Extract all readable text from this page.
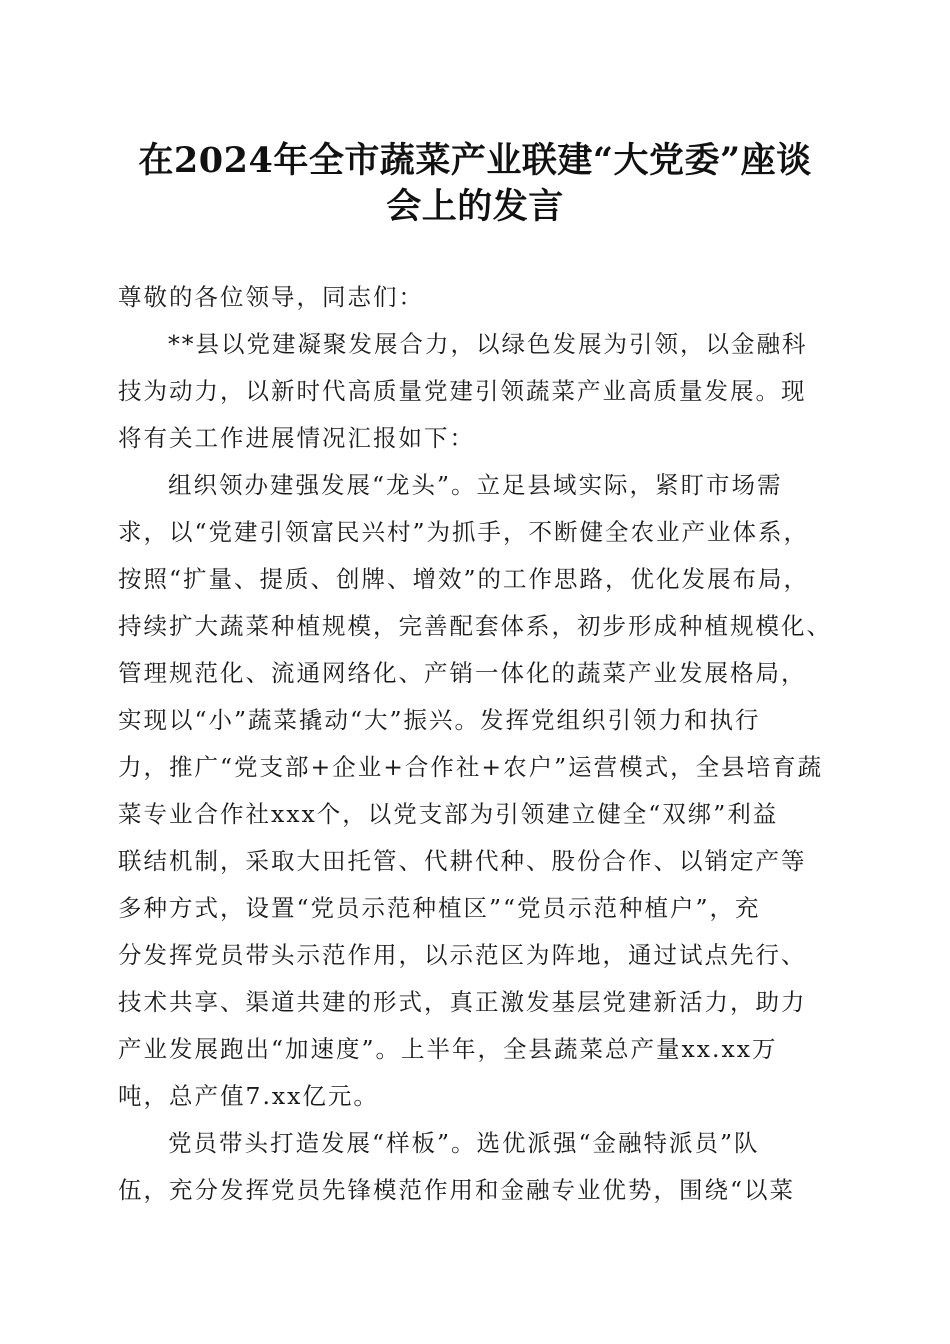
在2024年全市蔬菜产业联建“大党委”座谈
会上的发言
尊敬的各位领导，同志们：
**县以党建凝聚发展合力，以绿色发展为引领，以金融科
技为动力，以新时代高质量党建引领蔬菜产业高质量发展。现
将有关工作进展情况汇报如下：
组织领办建强发展“龙头”。立足县域实际，紧盯市场需
求，以“党建引领富民兴村”为抓手，不断健全农业产业体系，
按照“扩量、提质、创牌、增效”的工作思路，优化发展布局，
持续扩大蔬菜种植规模，完善配套体系，初步形成种植规模化、
管理规范化、流通网络化、产销一体化的蔬菜产业发展格局，
实现以“小”蔬菜撬动“大”振兴。发挥党组织引领力和执行
力，推广“党支部+企业+合作社+农户”运营模式，全县培育蔬
菜专业合作社xxx个，以党支部为引领建立健全“双绑”利益
联结机制，采取大田托管、代耕代种、股份合作、以销定产等
多种方式，设置“党员示范种植区”“党员示范种植户”，充
分发挥党员带头示范作用，以示范区为阵地，通过试点先行、
技术共享、渠道共建的形式，真正激发基层党建新活力，助力
产业发展跑出“加速度”。上半年，全县蔬菜总产量xx.xx万
吨，总产值7.xx亿元。
党员带头打造发展“样板”。选优派强“金融特派员”队
伍，充分发挥党员先锋模范作用和金融专业优势，围绕“以菜
